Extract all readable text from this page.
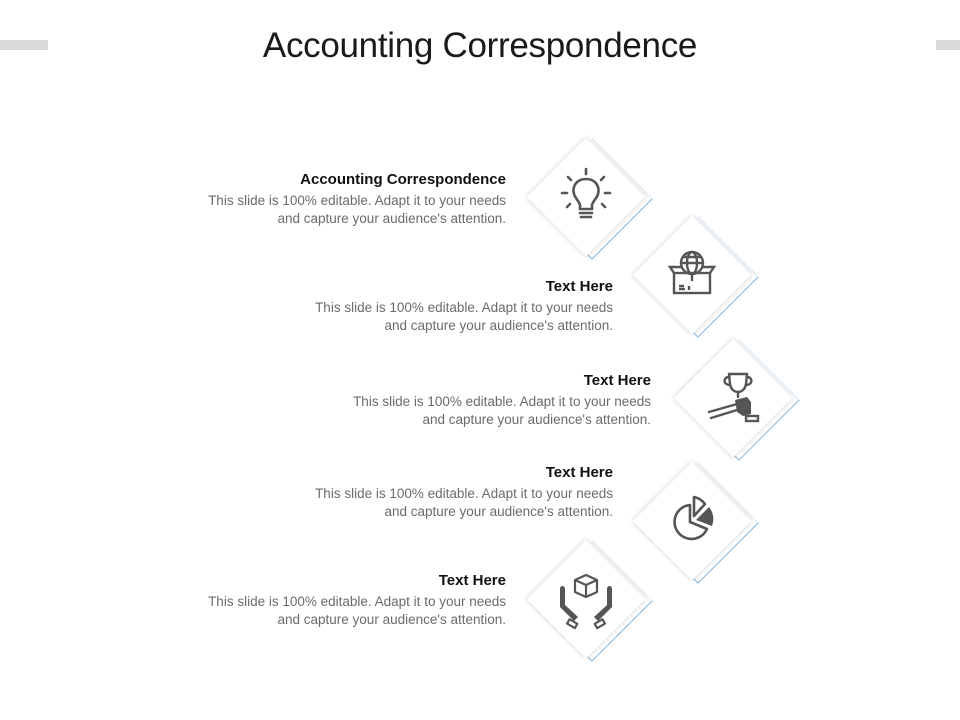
Accounting Correspondence
Accounting Correspondence
This slide is 100% editable. Adapt it to your needs
and capture your audience's attention.
Text Here
This slide is 100% editable. Adapt it to your needs
and capture your audience's attention.
Text Here
This slide is 100% editable. Adapt it to your needs
and capture your audience's attention.
Text Here
This slide is 100% editable. Adapt it to your needs
and capture your audience's attention.
Text Here
This slide is 100% editable. Adapt it to your needs
and capture your audience's attention.
